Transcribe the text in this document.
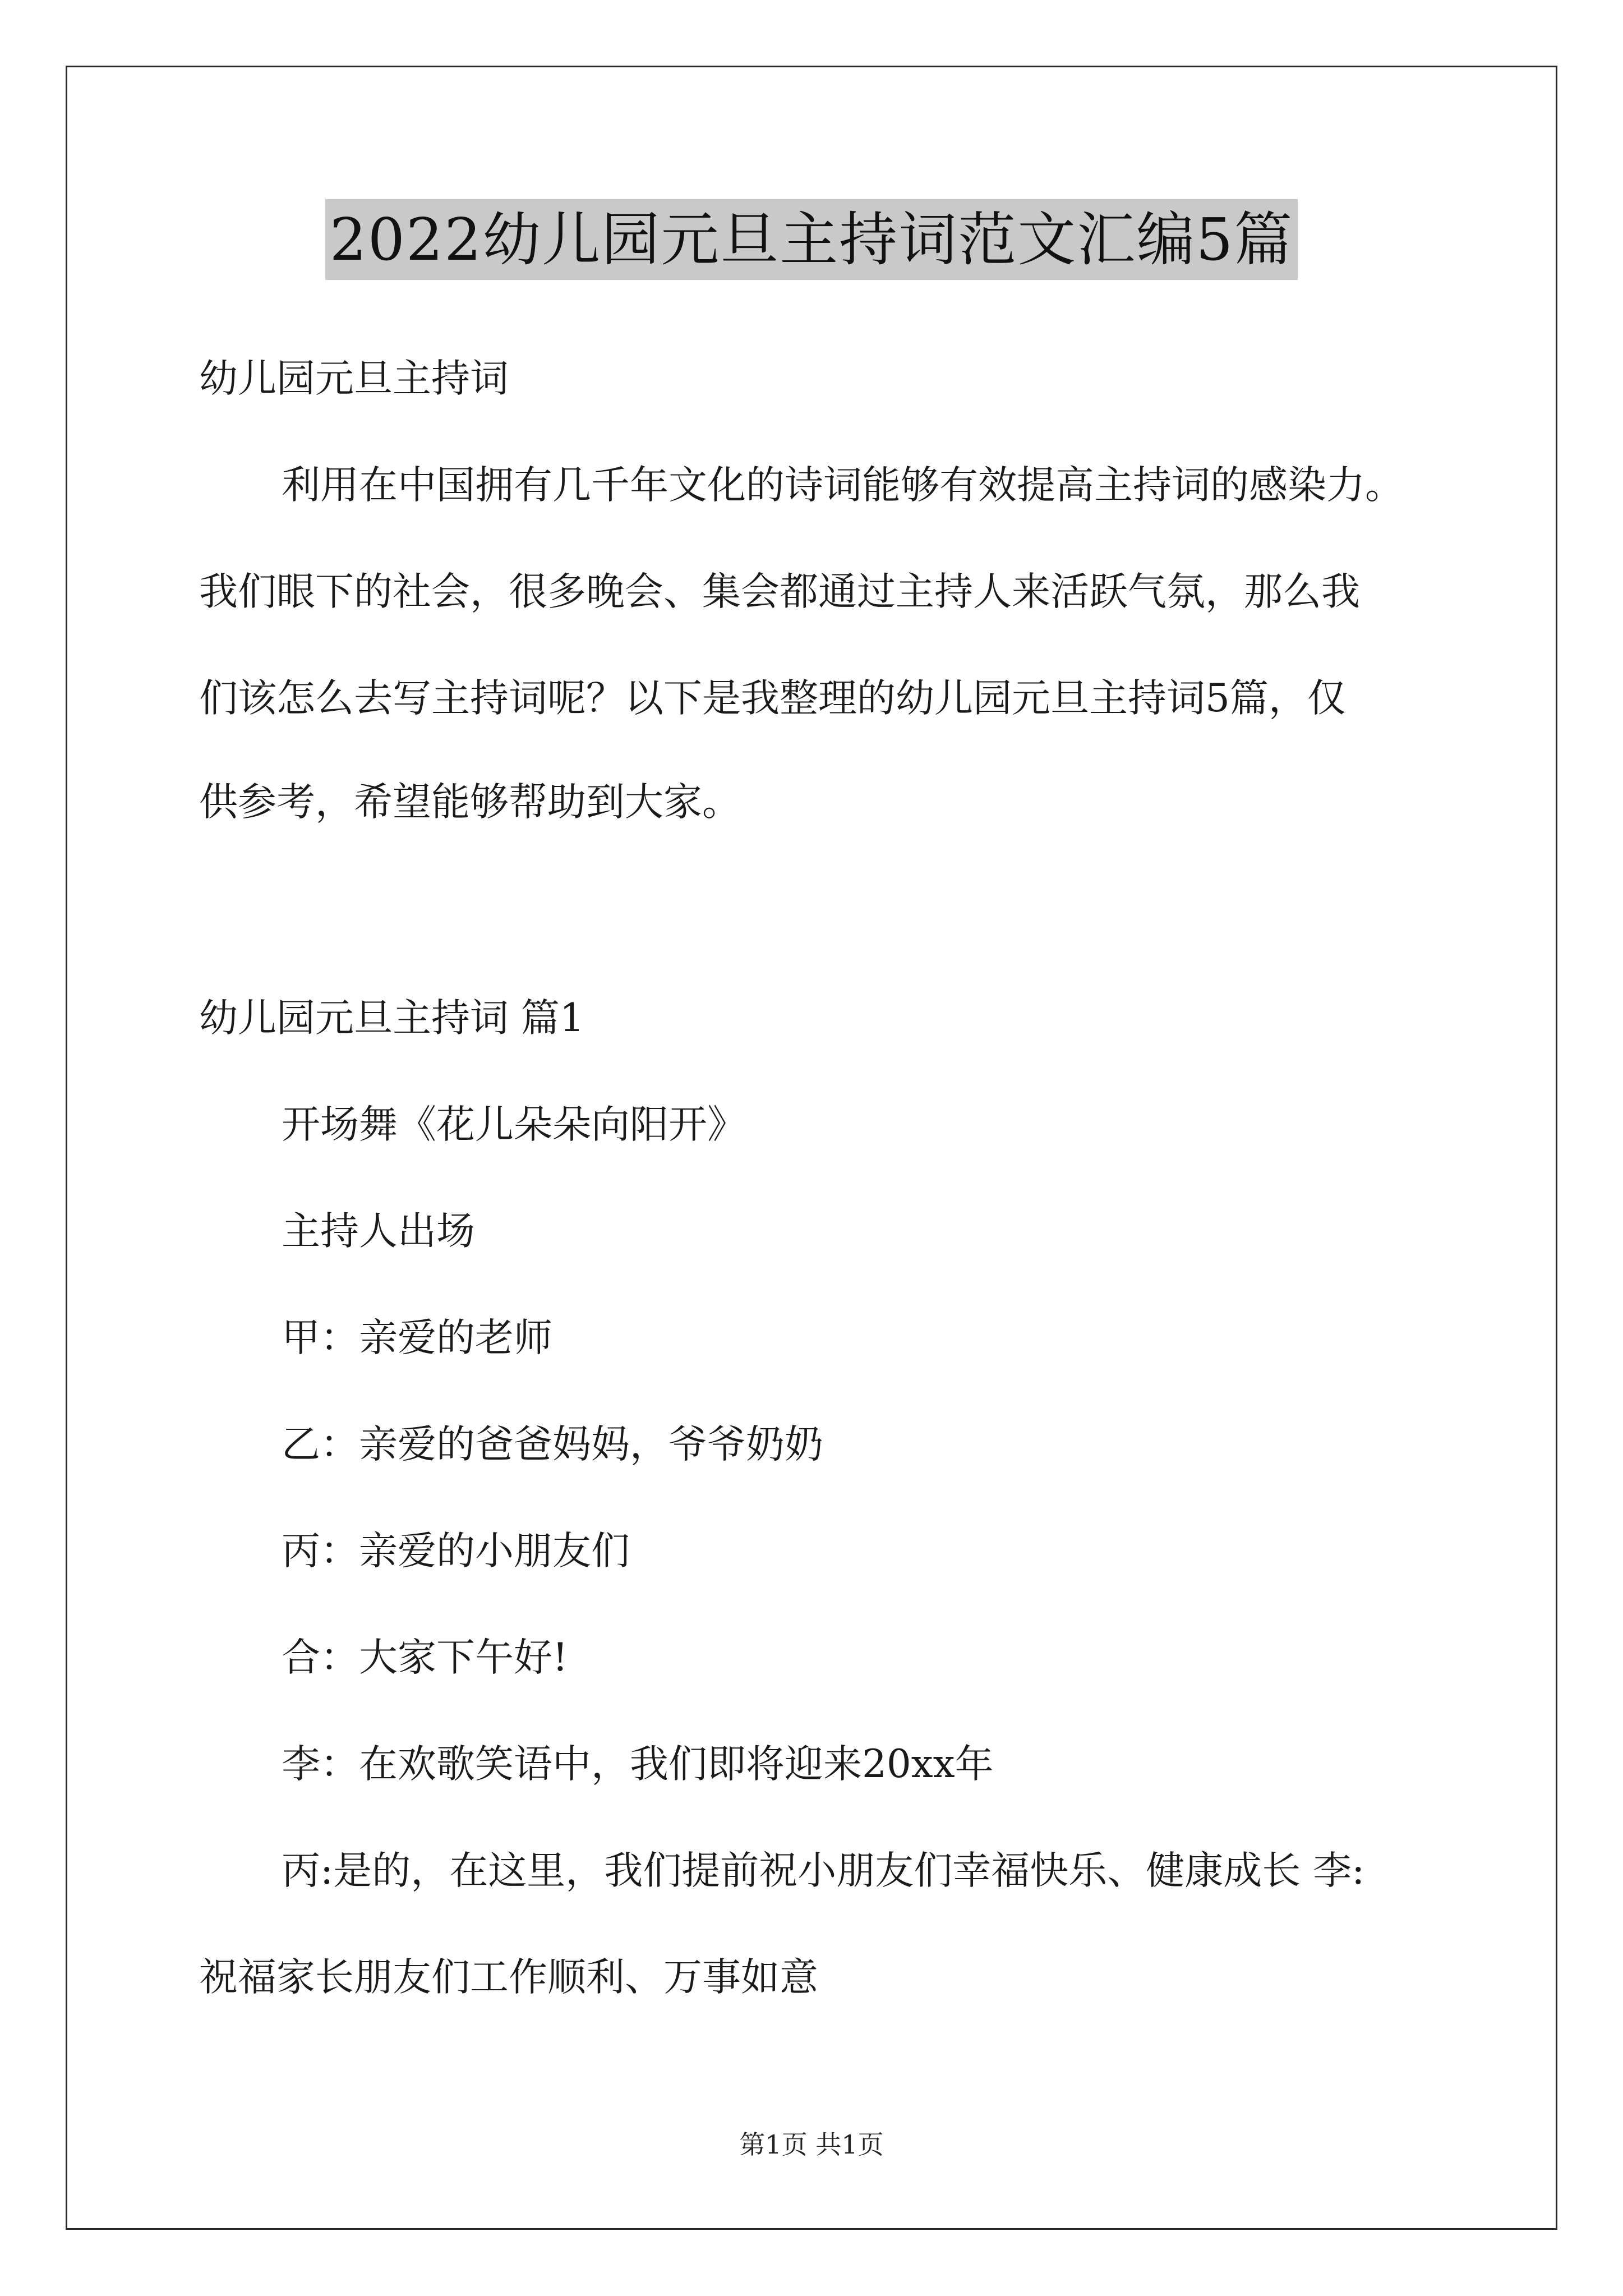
2022幼儿园元旦主持词范文汇编5篇
幼儿园元旦主持词
利用在中国拥有几千年文化的诗词能够有效提高主持词的感染力。
我们眼下的社会，很多晚会、集会都通过主持人来活跃气氛，那么我
们该怎么去写主持词呢？以下是我整理的幼儿园元旦主持词5篇，仅
供参考，希望能够帮助到大家。
幼儿园元旦主持词 篇1
开场舞《花儿朵朵向阳开》
主持人出场
甲：亲爱的老师
乙：亲爱的爸爸妈妈，爷爷奶奶
丙：亲爱的小朋友们
合：大家下午好!
李：在欢歌笑语中，我们即将迎来20xx年
丙:是的，在这里，我们提前祝小朋友们幸福快乐、健康成长 李:
祝福家长朋友们工作顺利、万事如意
第1页 共1页
